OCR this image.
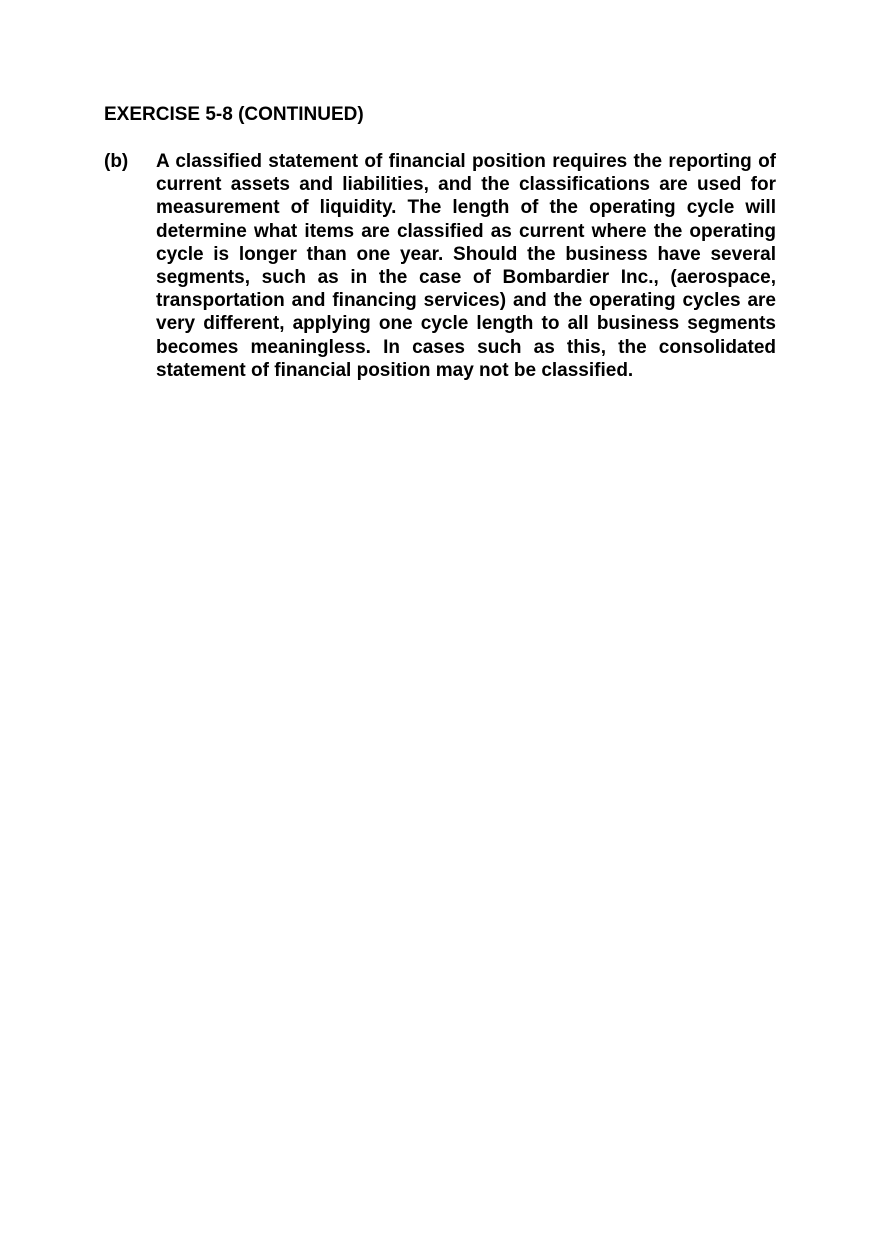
EXERCISE 5-8 (CONTINUED)
(b) A classified statement of financial position requires the reporting of current assets and liabilities, and the classifications are used for measurement of liquidity. The length of the operating cycle will determine what items are classified as current where the operating cycle is longer than one year. Should the business have several segments, such as in the case of Bombardier Inc., (aerospace, transportation and financing services) and the operating cycles are very different, applying one cycle length to all business segments becomes meaningless. In cases such as this, the consolidated statement of financial position may not be classified.
